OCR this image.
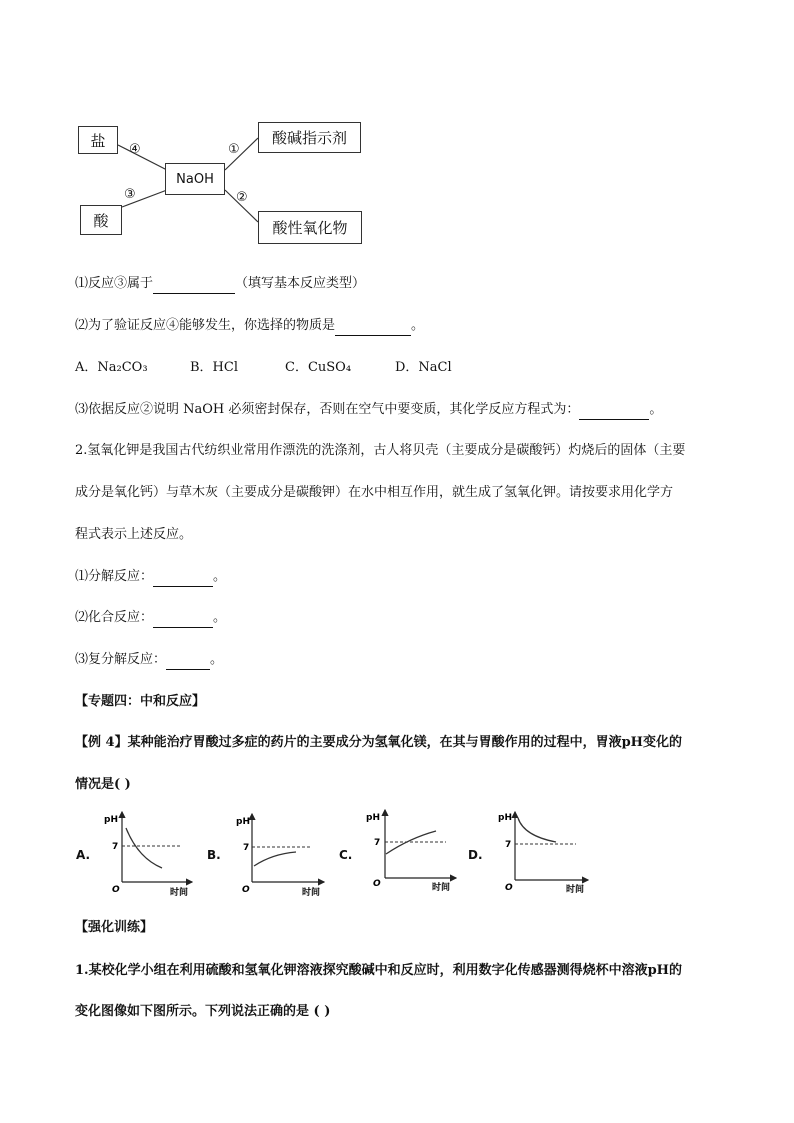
盐
酸
NaOH
酸碱指示剂
酸性氧化物
④	①
③	②
⑴反应③属于	（填写基本反应类型）
⑵为了验证反应④能够发生，你选择的物质是	。
A．Na₂CO₃	B．HCl	C．CuSO₄	D．NaCl
⑶依据反应②说明 NaOH 必须密封保存，否则在空气中要变质，其化学反应方程式为：	。
2.氢氧化钾是我国古代纺织业常用作漂洗的洗涤剂，古人将贝壳（主要成分是碳酸钙）灼烧后的固体（主要
成分是氧化钙）与草木灰（主要成分是碳酸钾）在水中相互作用，就生成了氢氧化钾。请按要求用化学方
程式表示上述反应。
⑴分解反应：	。
⑵化合反应：	。
⑶复分解反应：	。
【专题四：中和反应】
【例 4】某种能治疗胃酸过多症的药片的主要成分为氢氧化镁，在其与胃酸作用的过程中，胃液pH变化的
情况是( )
A.	B.	C.	D.
pH
7
O	时间
pH
7
O	时间
pH
7
O	时间
pH
7
O	时间
【强化训练】
1.某校化学小组在利用硫酸和氢氧化钾溶液探究酸碱中和反应时，利用数字化传感器测得烧杯中溶液pH的
变化图像如下图所示。下列说法正确的是 ( )
